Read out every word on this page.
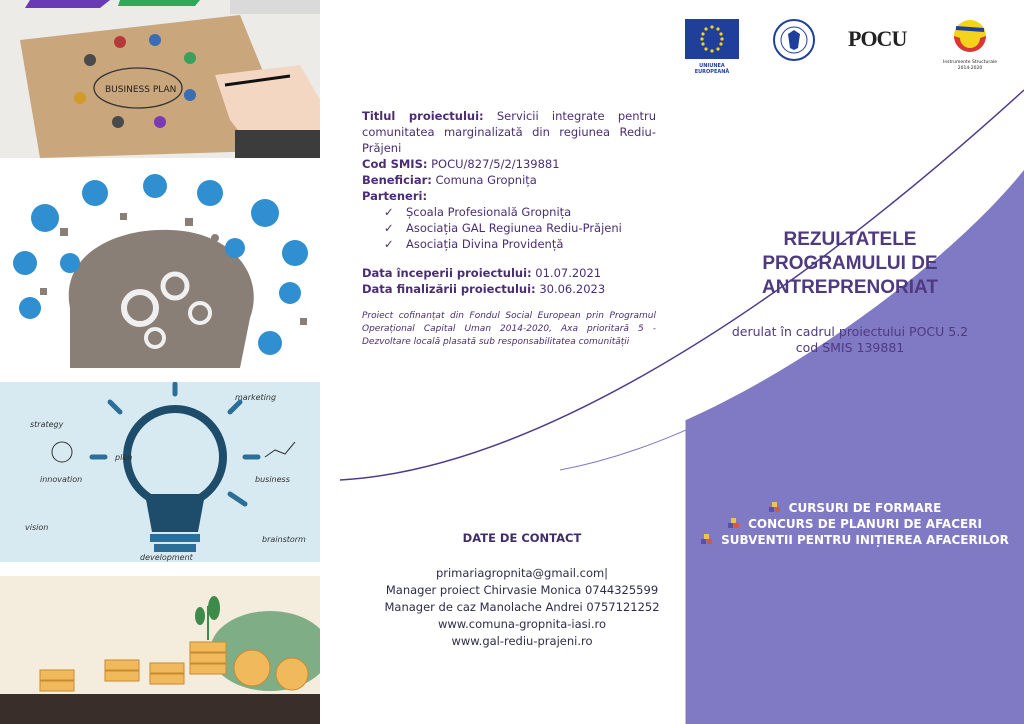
BUSINESS PLAN
strategy
innovation
vision
plan
business
marketing
brainstorm
development
Titlul proiectului: Servicii integrate pentru comunitatea marginalizată din regiunea Rediu-Prăjeni
Cod SMIS: POCU/827/5/2/139881
Beneficiar: Comuna Gropnița
Parteneri:
✓ Școala Profesională Gropnița
✓ Asociația GAL Regiunea Rediu-Prăjeni
✓ Asociația Divina Providență
Data începerii proiectului: 01.07.2021
Data finalizării proiectului: 30.06.2023
Proiect cofinanțat din Fondul Social European prin Programul Operațional Capital Uman 2014-2020, Axa prioritară 5 - Dezvoltare locală plasată sub responsabilitatea comunității
DATE DE CONTACT
primariagropnita@gmail.com|
Manager proiect Chirvasie Monica 0744325599
Manager de caz Manolache Andrei 0757121252
www.comuna-gropnita-iasi.ro
www.gal-rediu-prajeni.ro
UNIUNEA EUROPEANĂ
POCU
Instrumente Structurale 2014-2020
REZULTATELE
PROGRAMULUI DE
ANTREPRENORIAT
derulat în cadrul proiectului POCU 5.2
cod SMIS 139881
CURSURI DE FORMARE
CONCURS DE PLANURI DE AFACERI
SUBVENTII PENTRU INIȚIEREA AFACERILOR
